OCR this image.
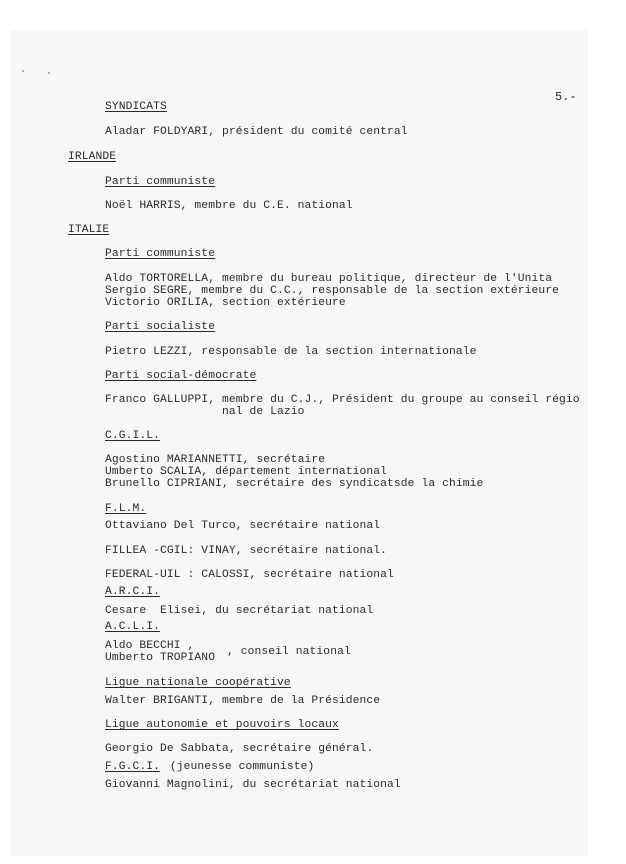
5.-
SYNDICATS
Aladar FOLDYARI, président du comité central
IRLANDE
Parti communiste
Noël HARRIS, membre du C.E. national
ITALIE
Parti communiste
Aldo TORTORELLA, membre du bureau politique, directeur de l'Unita
Sergio SEGRE, membre du C.C., responsable de la section extérieure
Victorio ORILIA, section extérieure
Parti socialiste
Pietro LEZZI, responsable de la section internationale
Parti social-démocrate
Franco GALLUPPI, membre du C.J., Président du groupe au conseil régio
nal de Lazio
C.G.I.L.
Agostino MARIANNETTI, secrétaire
Umberto SCALIA, département international
Brunello CIPRIANI, secrétaire des syndicatsde la chimie
F.L.M.
Ottaviano Del Turco, secrétaire national
FILLEA -CGIL: VINAY, secrétaire national.
FEDERAL-UIL : CALOSSI, secrétaire national
A.R.C.I.
Cesare  Elisei, du secrétariat national
A.C.L.I.
Aldo BECCHI ,
Umberto TROPIANO , conseil national
Ligue nationale coopérative
Walter BRIGANTI, membre de la Présidence
Ligue autonomie et pouvoirs locaux
Georgio De Sabbata, secrétaire général.
F.G.C.I. (jeunesse communiste)
Giovanni Magnolini, du secrétariat national
